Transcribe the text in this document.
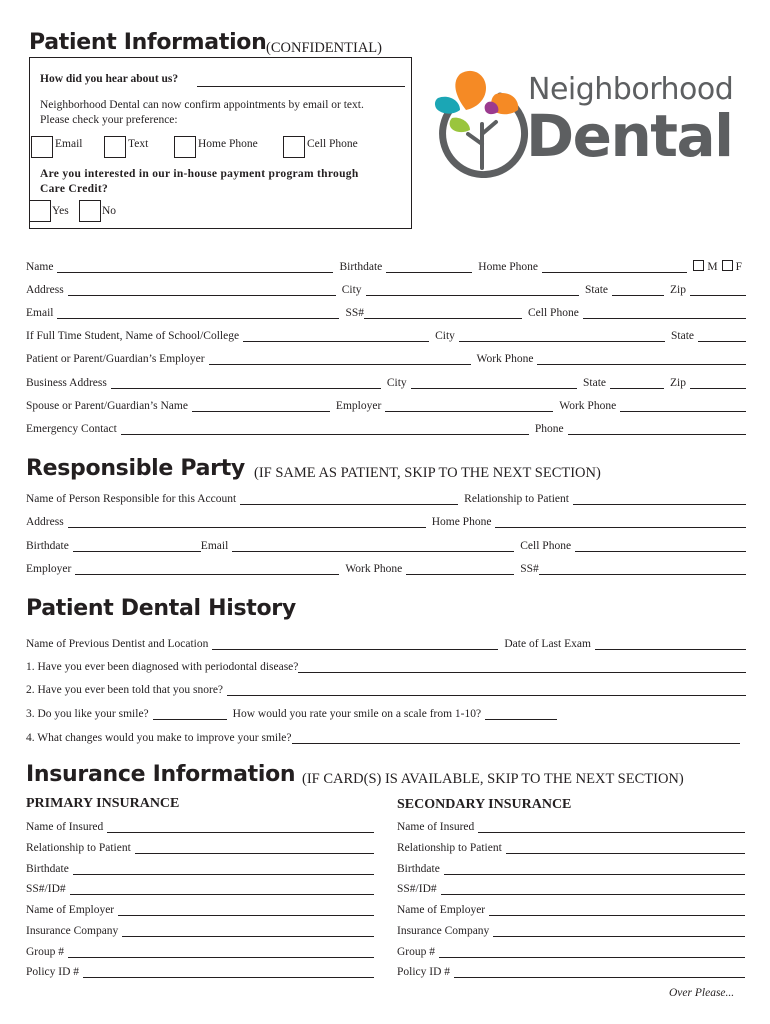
Patient Information (CONFIDENTIAL)
How did you hear about us?
Neighborhood Dental can now confirm appointments by email or text.
Please check your preference:
Email	Text	Home Phone	Cell Phone
Are you interested in our in-house payment program through
Care Credit?
Yes	No
Neighborhood
Dental
Name	Birthdate	Home Phone	M	F
Address	City	State	Zip
Email	SS#	Cell Phone
If Full Time Student, Name of School/College	City	State
Patient or Parent/Guardian’s Employer	Work Phone
Business Address	City	State	Zip
Spouse or Parent/Guardian’s Name	Employer	Work Phone
Emergency Contact	Phone
Responsible Party (IF SAME AS PATIENT, SKIP TO THE NEXT SECTION)
Name of Person Responsible for this Account	Relationship to Patient
Address	Home Phone
Birthdate	Email	Cell Phone
Employer	Work Phone	SS#
Patient Dental History
Name of Previous Dentist and Location	Date of Last Exam
1. Have you ever been diagnosed with periodontal disease?
2. Have you ever been told that you snore?
3. Do you like your smile?	How would you rate your smile on a scale from 1-10?
4. What changes would you make to improve your smile?
Insurance Information (IF CARD(S) IS AVAILABLE, SKIP TO THE NEXT SECTION)
PRIMARY INSURANCE	SECONDARY INSURANCE
Name of Insured
Relationship to Patient
Birthdate
SS#/ID#
Name of Employer
Insurance Company
Group #
Policy ID #
Name of Insured
Relationship to Patient
Birthdate
SS#/ID#
Name of Employer
Insurance Company
Group #
Policy ID #
Over Please...
